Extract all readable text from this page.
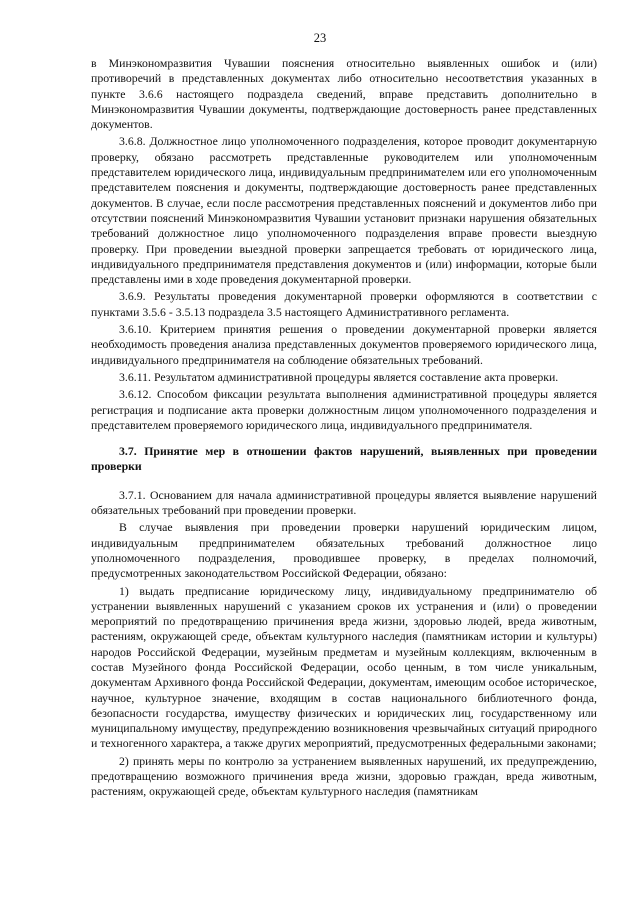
23

в Минэкономразвития Чувашии пояснения относительно выявленных ошибок и (или) противоречий в представленных документах либо относительно несоответствия указанных в пункте 3.6.6 настоящего подраздела сведений, вправе представить дополнительно в Минэкономразвития Чувашии документы, подтверждающие достоверность ранее представленных документов.

3.6.8. Должностное лицо уполномоченного подразделения, которое проводит документарную проверку, обязано рассмотреть представленные руководителем или уполномоченным представителем юридического лица, индивидуальным предпринимателем или его уполномоченным представителем пояснения и документы, подтверждающие достоверность ранее представленных документов. В случае, если после рассмотрения представленных пояснений и документов либо при отсутствии пояснений Минэкономразвития Чувашии установит признаки нарушения обязательных требований должностное лицо уполномоченного подразделения вправе провести выездную проверку. При проведении выездной проверки запрещается требовать от юридического лица, индивидуального предпринимателя представления документов и (или) информации, которые были представлены ими в ходе проведения документарной проверки.

3.6.9. Результаты проведения документарной проверки оформляются в соответствии с пунктами 3.5.6 - 3.5.13 подраздела 3.5 настоящего Административного регламента.

3.6.10. Критерием принятия решения о проведении документарной проверки является необходимость проведения анализа представленных документов проверяемого юридического лица, индивидуального предпринимателя на соблюдение обязательных требований.

3.6.11. Результатом административной процедуры является составление акта проверки.

3.6.12. Способом фиксации результата выполнения административной процедуры является регистрация и подписание акта проверки должностным лицом уполномоченного подразделения и представителем проверяемого юридического лица, индивидуального предпринимателя.

3.7. Принятие мер в отношении фактов нарушений, выявленных при проведении проверки

3.7.1. Основанием для начала административной процедуры является выявление нарушений обязательных требований при проведении проверки.

В случае выявления при проведении проверки нарушений юридическим лицом, индивидуальным предпринимателем обязательных требований должностное лицо уполномоченного подразделения, проводившее проверку, в пределах полномочий, предусмотренных законодательством Российской Федерации, обязано:

1) выдать предписание юридическому лицу, индивидуальному предпринимателю об устранении выявленных нарушений с указанием сроков их устранения и (или) о проведении мероприятий по предотвращению причинения вреда жизни, здоровью людей, вреда животным, растениям, окружающей среде, объектам культурного наследия (памятникам истории и культуры) народов Российской Федерации, музейным предметам и музейным коллекциям, включенным в состав Музейного фонда Российской Федерации, особо ценным, в том числе уникальным, документам Архивного фонда Российской Федерации, документам, имеющим особое историческое, научное, культурное значение, входящим в состав национального библиотечного фонда, безопасности государства, имуществу физических и юридических лиц, государственному или муниципальному имуществу, предупреждению возникновения чрезвычайных ситуаций природного и техногенного характера, а также других мероприятий, предусмотренных федеральными законами;

2) принять меры по контролю за устранением выявленных нарушений, их предупреждению, предотвращению возможного причинения вреда жизни, здоровью граждан, вреда животным, растениям, окружающей среде, объектам культурного наследия (памятникам
